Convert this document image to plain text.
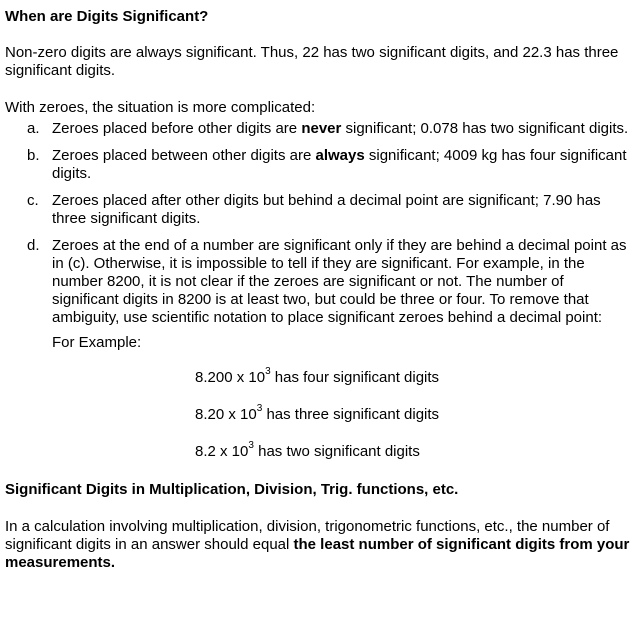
When are Digits Significant?

Non-zero digits are always significant. Thus, 22 has two significant digits, and 22.3 has three significant digits.

With zeroes, the situation is more complicated:

a. Zeroes placed before other digits are never significant; 0.078 has two significant digits.
b. Zeroes placed between other digits are always significant; 4009 kg has four significant digits.
c. Zeroes placed after other digits but behind a decimal point are significant; 7.90 has three significant digits.
d. Zeroes at the end of a number are significant only if they are behind a decimal point as in (c). Otherwise, it is impossible to tell if they are significant. For example, in the number 8200, it is not clear if the zeroes are significant or not. The number of significant digits in 8200 is at least two, but could be three or four. To remove that ambiguity, use scientific notation to place significant zeroes behind a decimal point:
For Example:
8.200 x $10^3$ has four significant digits
8.20 x $10^3$ has three significant digits
8.2 x $10^3$ has two significant digits
Significant Digits in Multiplication, Division, Trig. functions, etc.

In a calculation involving multiplication, division, trigonometric functions, etc., the number of significant digits in an answer should equal the least number of significant digits from your measurements.
